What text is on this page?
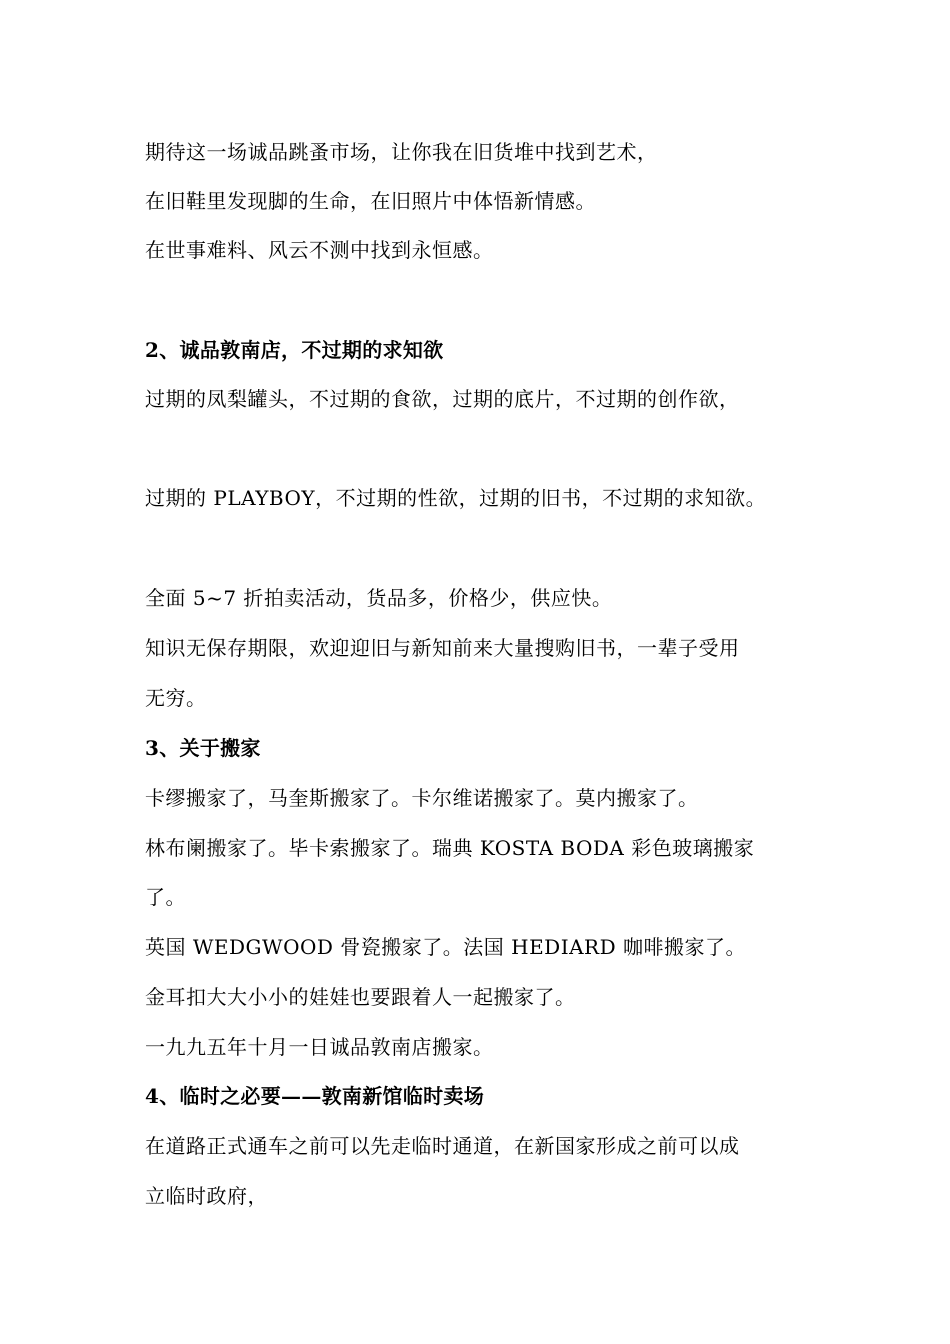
期待这一场诚品跳蚤市场，让你我在旧货堆中找到艺术，
在旧鞋里发现脚的生命，在旧照片中体悟新情感。
在世事难料、风云不测中找到永恒感。
2、诚品敦南店，不过期的求知欲
过期的凤梨罐头，不过期的食欲，过期的底片，不过期的创作欲，
过期的 PLAYBOY，不过期的性欲，过期的旧书，不过期的求知欲。
全面 5~7 折拍卖活动，货品多，价格少，供应快。
知识无保存期限，欢迎迎旧与新知前来大量搜购旧书，一辈子受用
无穷。
3、关于搬家
卡缪搬家了，马奎斯搬家了。卡尔维诺搬家了。莫内搬家了。
林布阑搬家了。毕卡索搬家了。瑞典 KOSTA BODA 彩色玻璃搬家
了。
英国 WEDGWOOD 骨瓷搬家了。法国 HEDIARD 咖啡搬家了。
金耳扣大大小小的娃娃也要跟着人一起搬家了。
一九九五年十月一日诚品敦南店搬家。
4、临时之必要——敦南新馆临时卖场
在道路正式通车之前可以先走临时通道，在新国家形成之前可以成
立临时政府，
